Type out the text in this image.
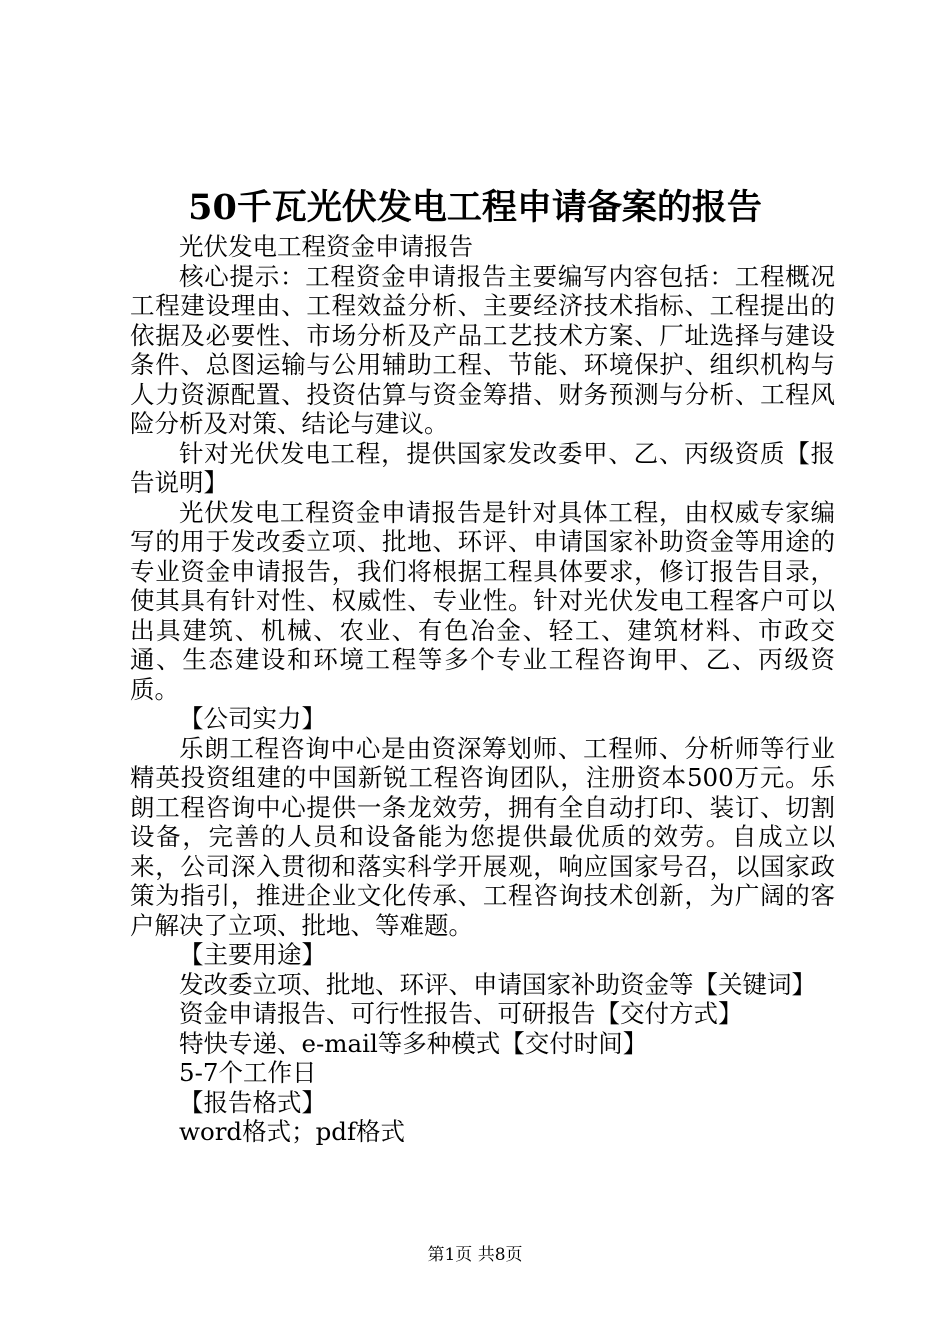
50千瓦光伏发电工程申请备案的报告

光伏发电工程资金申请报告

核心提示：工程资金申请报告主要编写内容包括：工程概况工程建设理由、工程效益分析、主要经济技术指标、工程提出的依据及必要性、市场分析及产品工艺技术方案、厂址选择与建设条件、总图运输与公用辅助工程、节能、环境保护、组织机构与人力资源配置、投资估算与资金筹措、财务预测与分析、工程风险分析及对策、结论与建议。

针对光伏发电工程，提供国家发改委甲、乙、丙级资质【报告说明】

光伏发电工程资金申请报告是针对具体工程，由权威专家编写的用于发改委立项、批地、环评、申请国家补助资金等用途的专业资金申请报告，我们将根据工程具体要求，修订报告目录，使其具有针对性、权威性、专业性。针对光伏发电工程客户可以出具建筑、机械、农业、有色冶金、轻工、建筑材料、市政交通、生态建设和环境工程等多个专业工程咨询甲、乙、丙级资质。

【公司实力】

乐朗工程咨询中心是由资深筹划师、工程师、分析师等行业精英投资组建的中国新锐工程咨询团队，注册资本500万元。乐朗工程咨询中心提供一条龙效劳，拥有全自动打印、装订、切割设备，完善的人员和设备能为您提供最优质的效劳。自成立以来，公司深入贯彻和落实科学开展观，响应国家号召，以国家政策为指引，推进企业文化传承、工程咨询技术创新，为广阔的客户解决了立项、批地、等难题。

【主要用途】

发改委立项、批地、环评、申请国家补助资金等【关键词】

资金申请报告、可行性报告、可研报告【交付方式】

特快专递、e-mail等多种模式【交付时间】

5-7个工作日

【报告格式】

word格式；pdf格式

第1页 共8页
